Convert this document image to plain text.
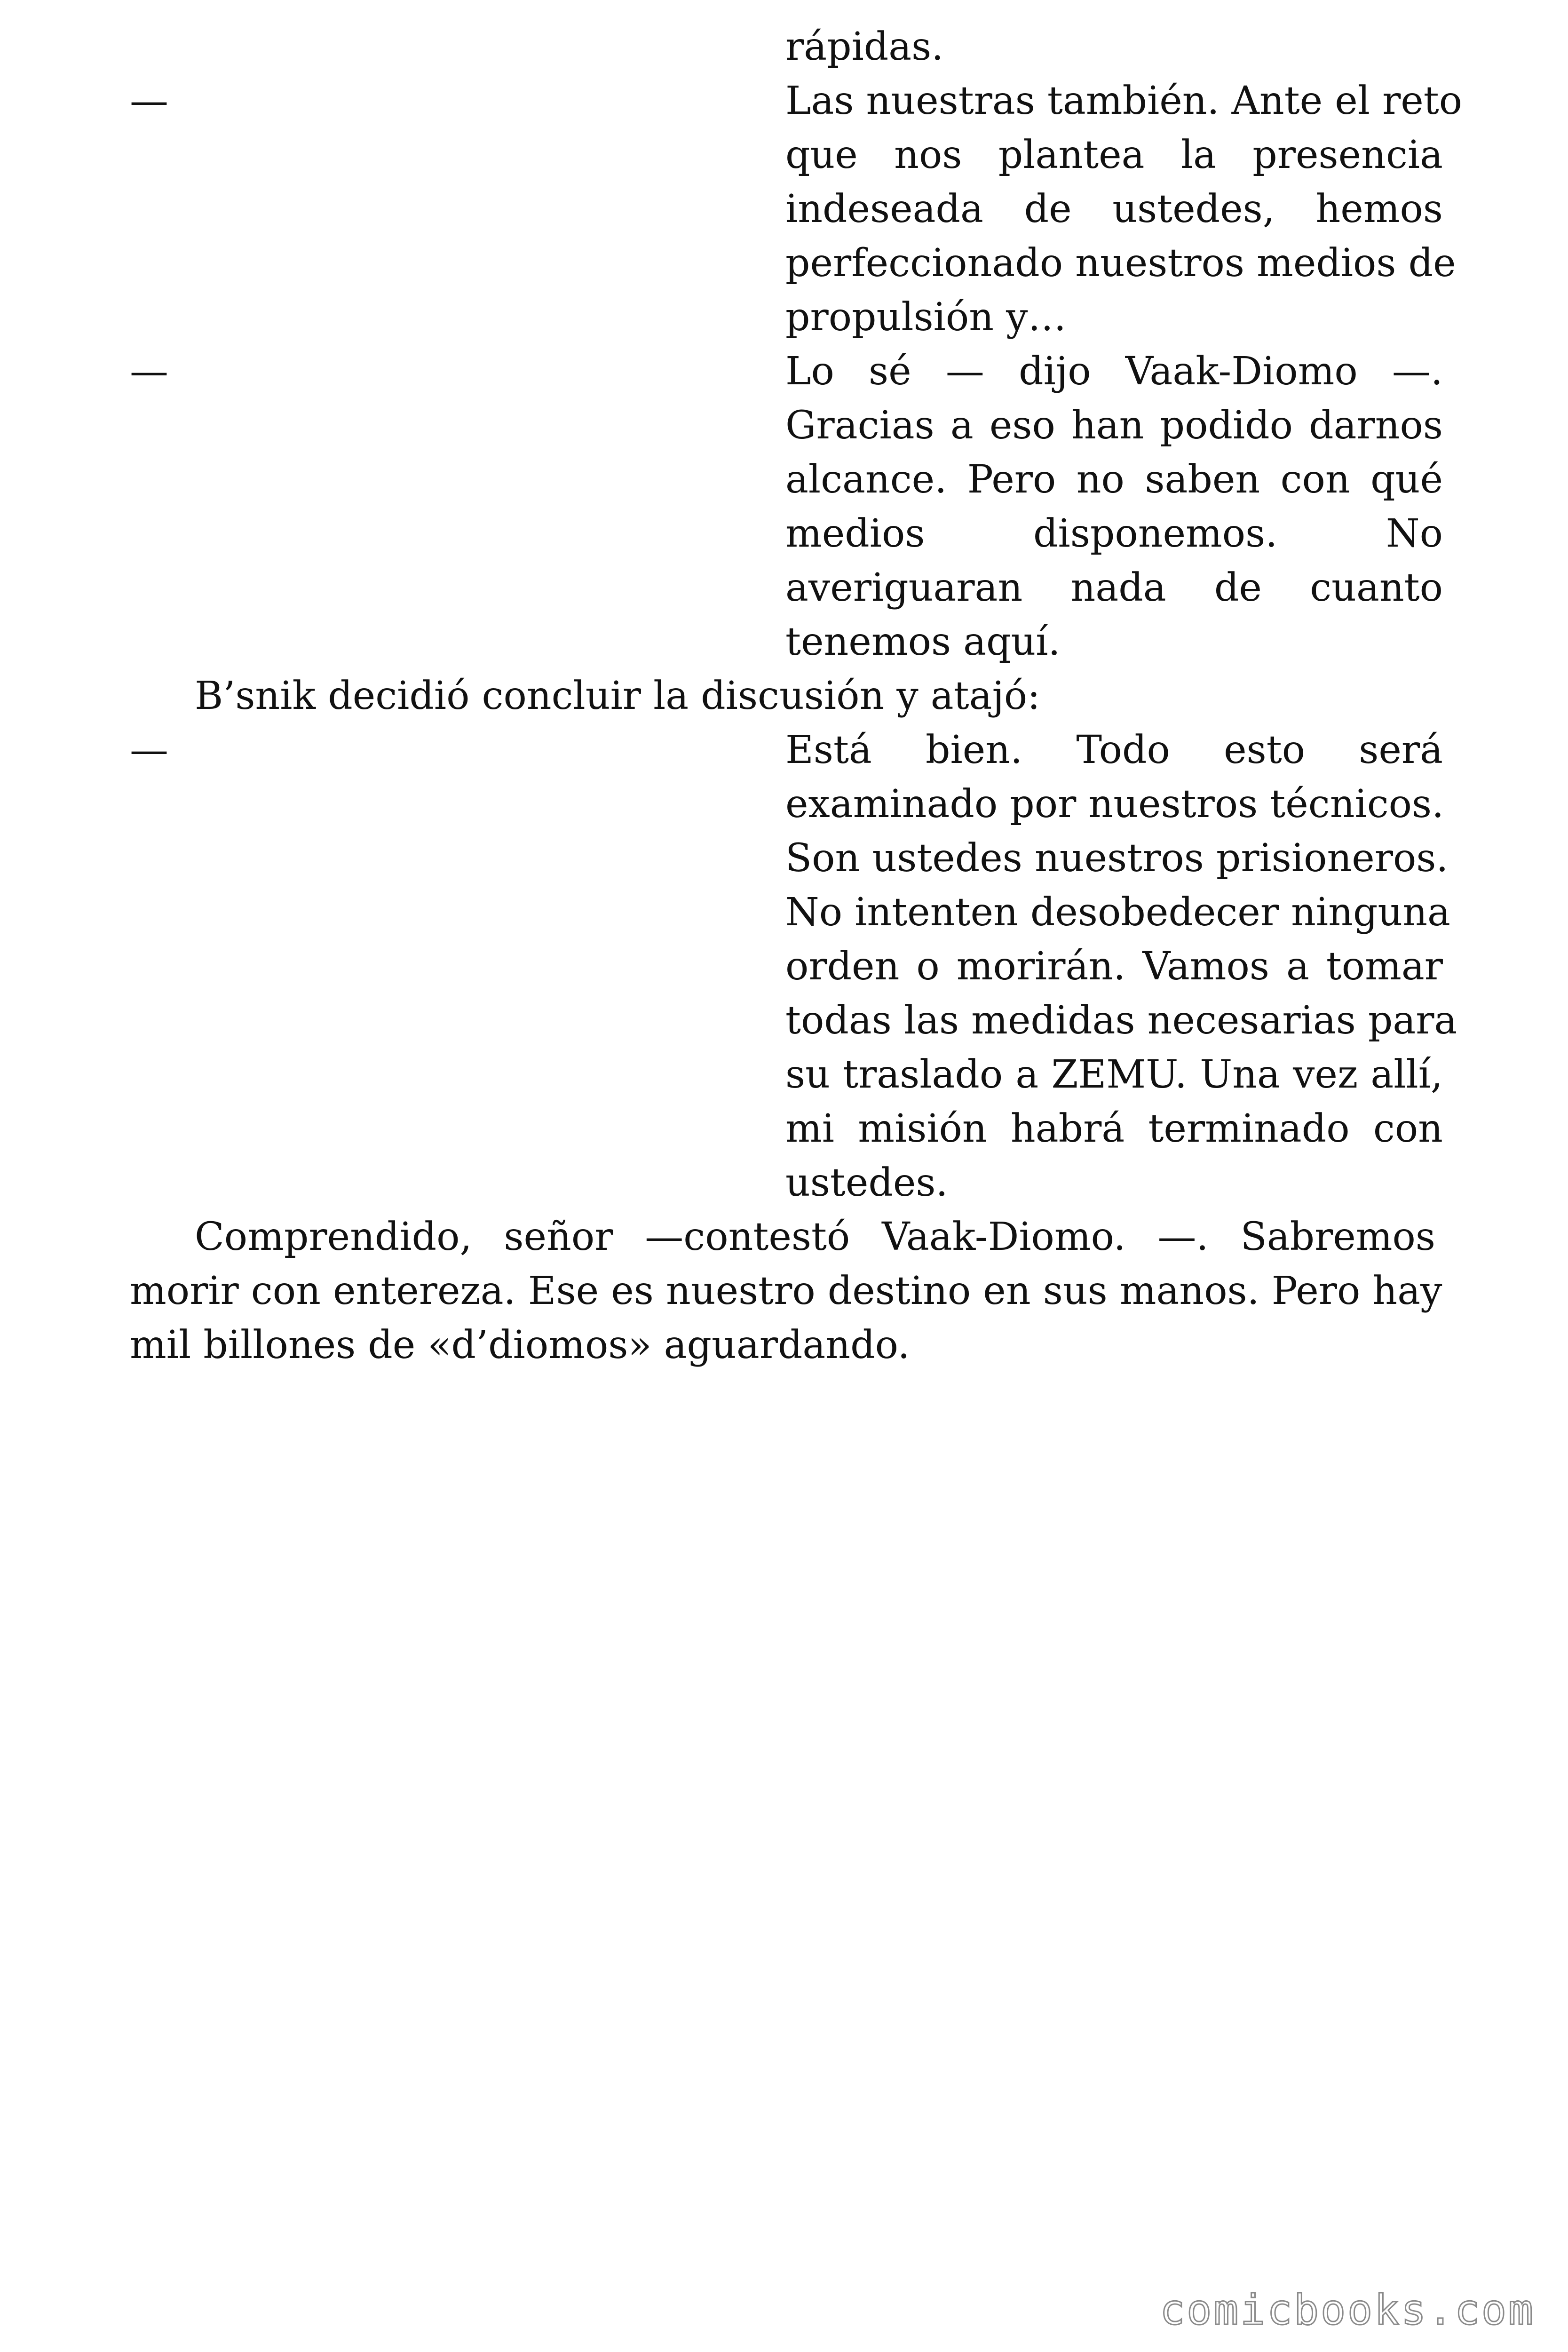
rápidas.
—	Las nuestras también. Ante el reto
que nos plantea la presencia
indeseada de ustedes, hemos
perfeccionado nuestros medios de
propulsión y…
—	Lo sé — dijo Vaak-Diomo —.
Gracias a eso han podido darnos
alcance. Pero no saben con qué
medios disponemos. No
averiguaran nada de cuanto
tenemos aquí.
B’snik decidió concluir la discusión y atajó:
—	Está bien. Todo esto será
examinado por nuestros técnicos.
Son ustedes nuestros prisioneros.
No intenten desobedecer ninguna
orden o morirán. Vamos a tomar
todas las medidas necesarias para
su traslado a ZEMU. Una vez allí,
mi misión habrá terminado con
ustedes.
Comprendido, señor —contestó Vaak-Diomo. —. Sabremos
morir con entereza. Ese es nuestro destino en sus manos. Pero hay
mil billones de «d’diomos» aguardando.
comicbooks.com
